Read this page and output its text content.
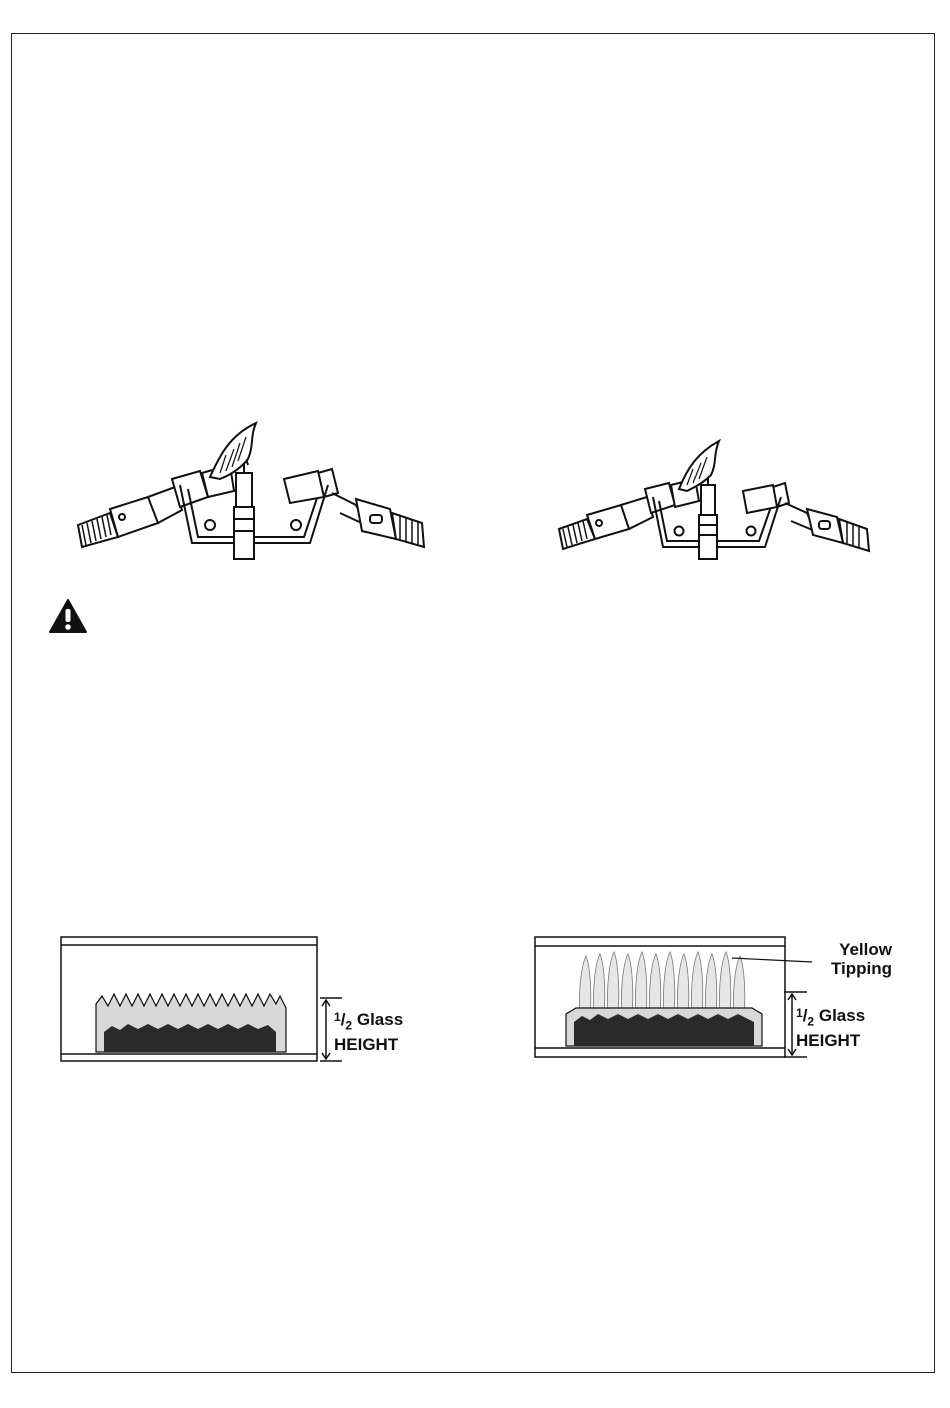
$^1/_2$ Glass
HEIGHT
$^1/_2$ Glass
HEIGHT
Yellow
Tipping
